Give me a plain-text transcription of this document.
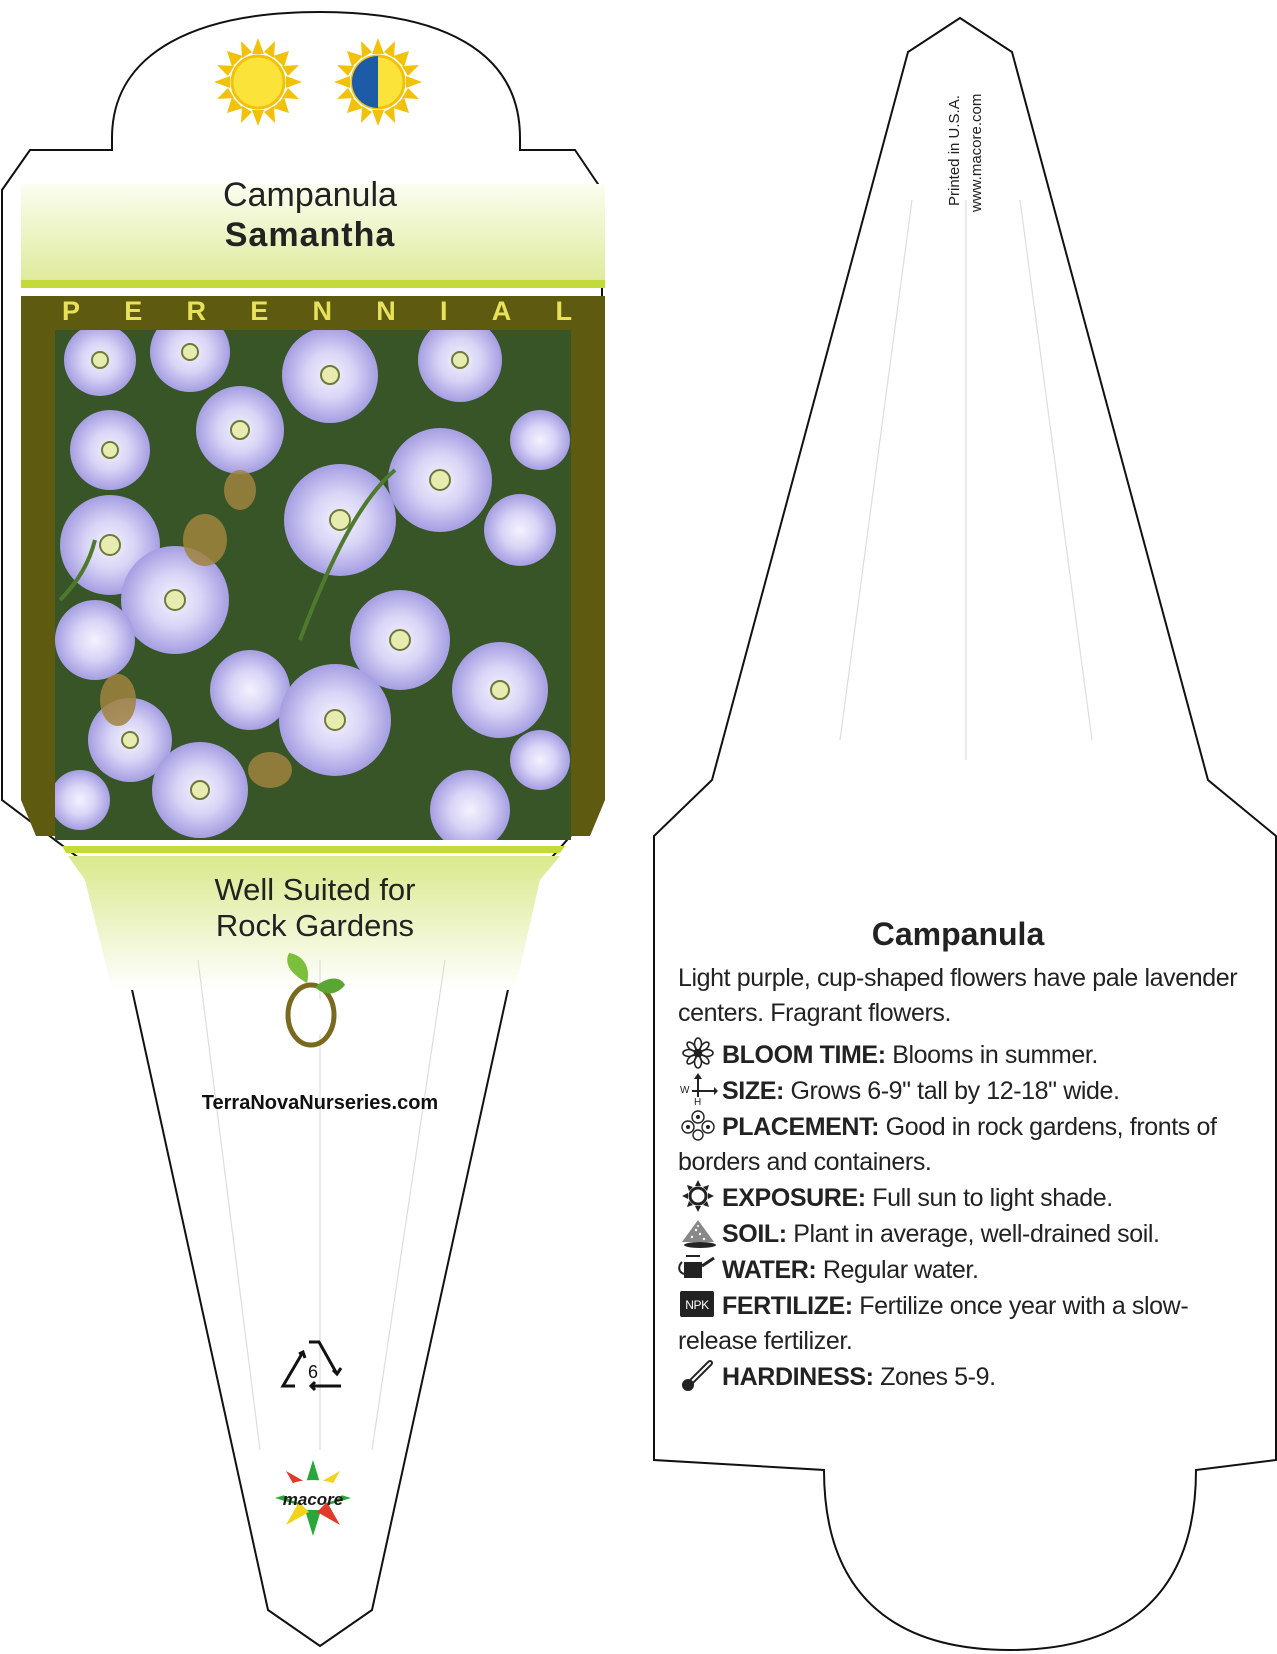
Campanula
Samantha
P E R E N N I A L
Well Suited for
Rock Gardens
TerraNovaNurseries.com
6
macore
Printed in U.S.A. www.macore.com
Campanula
Light purple, cup-shaped flowers have pale lavender centers. Fragrant flowers.
BLOOM TIME: Blooms in summer.
W
H SIZE: Grows 6-9" tall by 12-18" wide.
PLACEMENT: Good in rock gardens, fronts of borders and containers.
EXPOSURE: Full sun to light shade.
SOIL: Plant in average, well-drained soil.
WATER: Regular water.
NPK FERTILIZE: Fertilize once year with a slow-release fertilizer.
HARDINESS: Zones 5-9.
